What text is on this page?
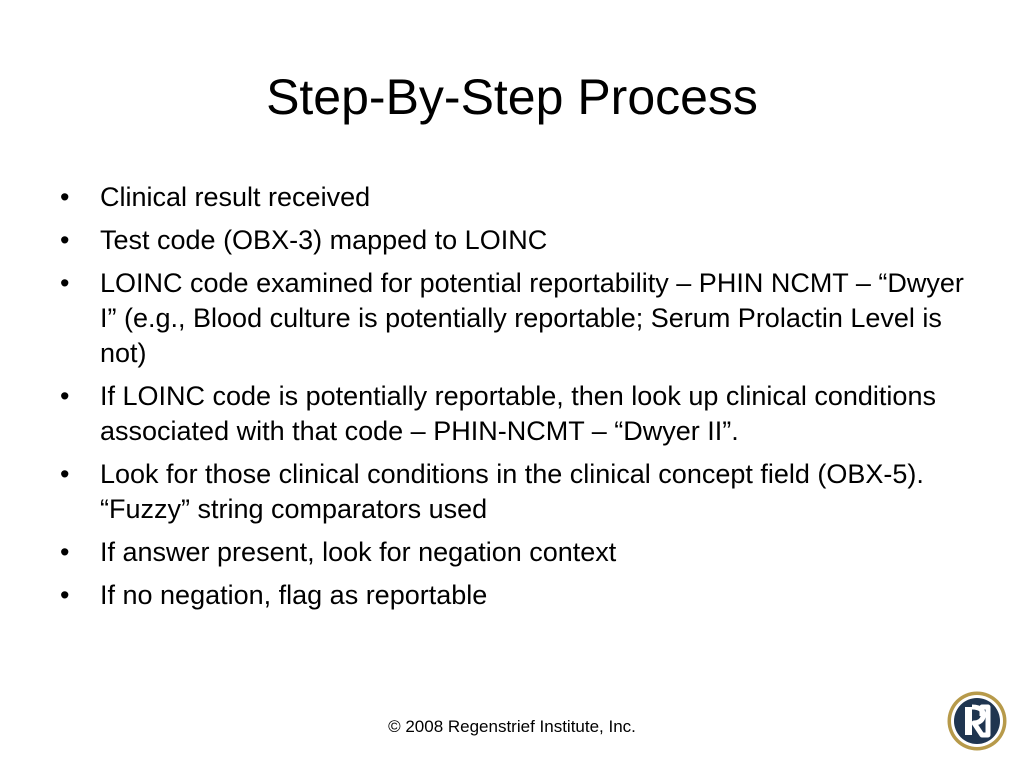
Step-By-Step Process
• Clinical result received
• Test code (OBX-3) mapped to LOINC
• LOINC code examined for potential reportability – PHIN NCMT – “Dwyer I” (e.g., Blood culture is potentially reportable; Serum Prolactin Level is not)
• If LOINC code is potentially reportable, then look up clinical conditions associated with that code – PHIN-NCMT – “Dwyer II”.
• Look for those clinical conditions in the clinical concept field (OBX-5). “Fuzzy” string comparators used
• If answer present, look for negation context
• If no negation, flag as reportable
© 2008 Regenstrief Institute, Inc.
